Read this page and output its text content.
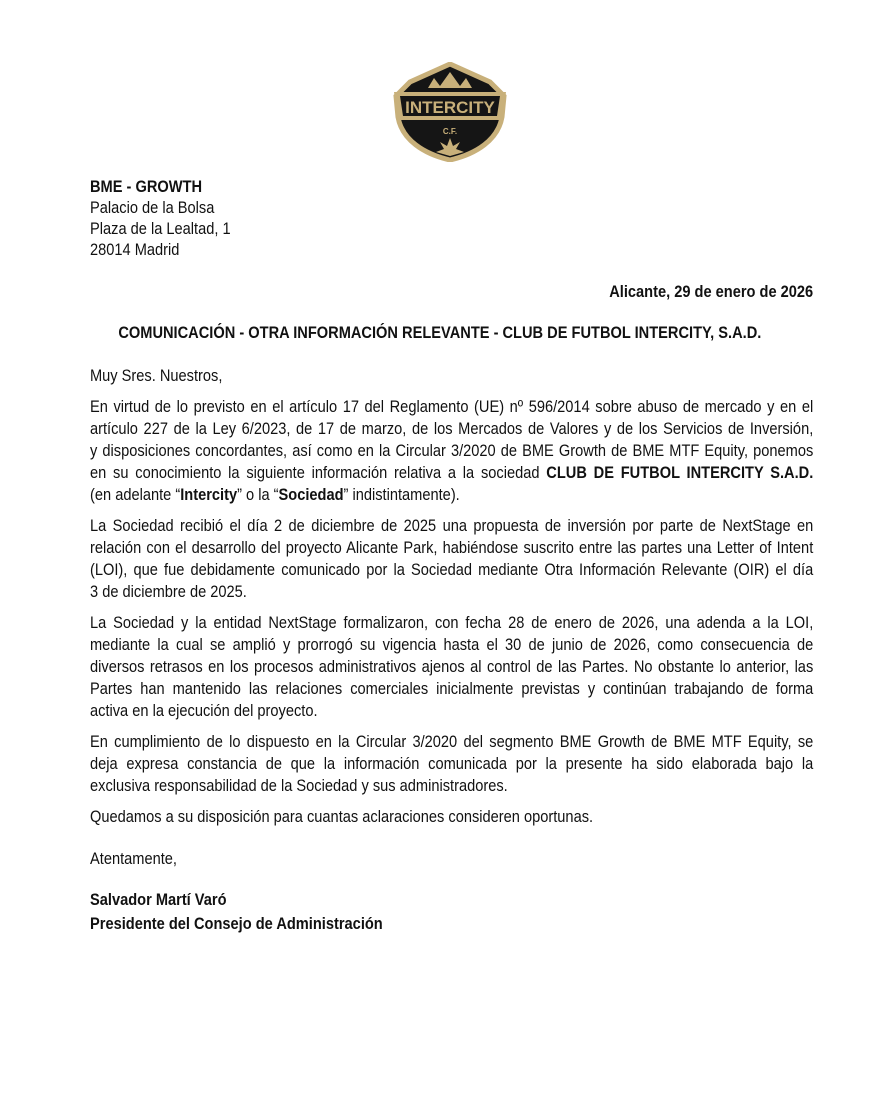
INTERCITY
C.F.
BME - GROWTH
Palacio de la Bolsa
Plaza de la Lealtad, 1
28014 Madrid
Alicante, 29 de enero de 2026
COMUNICACIÓN - OTRA INFORMACIÓN RELEVANTE - CLUB DE FUTBOL INTERCITY, S.A.D.
Muy Sres. Nuestros,
En virtud de lo previsto en el artículo 17 del Reglamento (UE) nº 596/2014 sobre abuso de mercado y en el
artículo 227 de la Ley 6/2023, de 17 de marzo, de los Mercados de Valores y de los Servicios de Inversión,
y disposiciones concordantes, así como en la Circular 3/2020 de BME Growth de BME MTF Equity, ponemos
en su conocimiento la siguiente información relativa a la sociedad CLUB DE FUTBOL INTERCITY S.A.D.
(en adelante “Intercity” o la “Sociedad” indistintamente).
La Sociedad recibió el día 2 de diciembre de 2025 una propuesta de inversión por parte de NextStage en
relación con el desarrollo del proyecto Alicante Park, habiéndose suscrito entre las partes una Letter of Intent
(LOI), que fue debidamente comunicado por la Sociedad mediante Otra Información Relevante (OIR) el día
3 de diciembre de 2025.
La Sociedad y la entidad NextStage formalizaron, con fecha 28 de enero de 2026, una adenda a la LOI,
mediante la cual se amplió y prorrogó su vigencia hasta el 30 de junio de 2026, como consecuencia de
diversos retrasos en los procesos administrativos ajenos al control de las Partes. No obstante lo anterior, las
Partes han mantenido las relaciones comerciales inicialmente previstas y continúan trabajando de forma
activa en la ejecución del proyecto.
En cumplimiento de lo dispuesto en la Circular 3/2020 del segmento BME Growth de BME MTF Equity, se
deja expresa constancia de que la información comunicada por la presente ha sido elaborada bajo la
exclusiva responsabilidad de la Sociedad y sus administradores.
Quedamos a su disposición para cuantas aclaraciones consideren oportunas.
Atentamente,
Salvador Martí Varó
Presidente del Consejo de Administración
